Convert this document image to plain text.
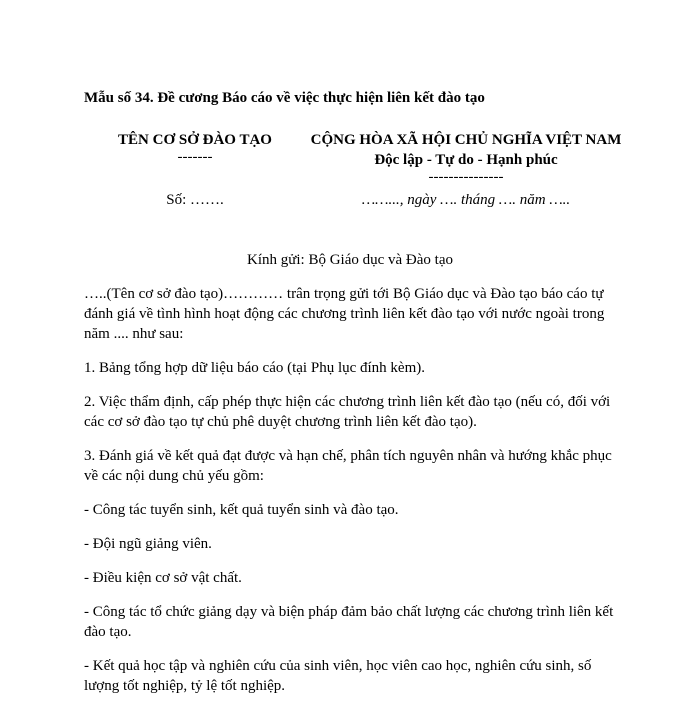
Mẫu số 34. Đề cương Báo cáo về việc thực hiện liên kết đào tạo
TÊN CƠ SỞ ĐÀO TẠO
-------
CỘNG HÒA XÃ HỘI CHỦ NGHĨA VIỆT NAM
Độc lập - Tự do - Hạnh phúc
---------------
Số: …….	……..., ngày …. tháng …. năm …..
Kính gửi: Bộ Giáo dục và Đào tạo

…..(Tên cơ sở đào tạo)………… trân trọng gửi tới Bộ Giáo dục và Đào tạo báo cáo tự đánh giá về tình hình hoạt động các chương trình liên kết đào tạo với nước ngoài trong năm .... như sau:

1. Bảng tổng hợp dữ liệu báo cáo (tại Phụ lục đính kèm).

2. Việc thẩm định, cấp phép thực hiện các chương trình liên kết đào tạo (nếu có, đối với các cơ sở đào tạo tự chủ phê duyệt chương trình liên kết đào tạo).

3. Đánh giá về kết quả đạt được và hạn chế, phân tích nguyên nhân và hướng khắc phục về các nội dung chủ yếu gồm:

- Công tác tuyển sinh, kết quả tuyển sinh và đào tạo.

- Đội ngũ giảng viên.

- Điều kiện cơ sở vật chất.

- Công tác tổ chức giảng dạy và biện pháp đảm bảo chất lượng các chương trình liên kết đào tạo.

- Kết quả học tập và nghiên cứu của sinh viên, học viên cao học, nghiên cứu sinh, số lượng tốt nghiệp, tỷ lệ tốt nghiệp.
